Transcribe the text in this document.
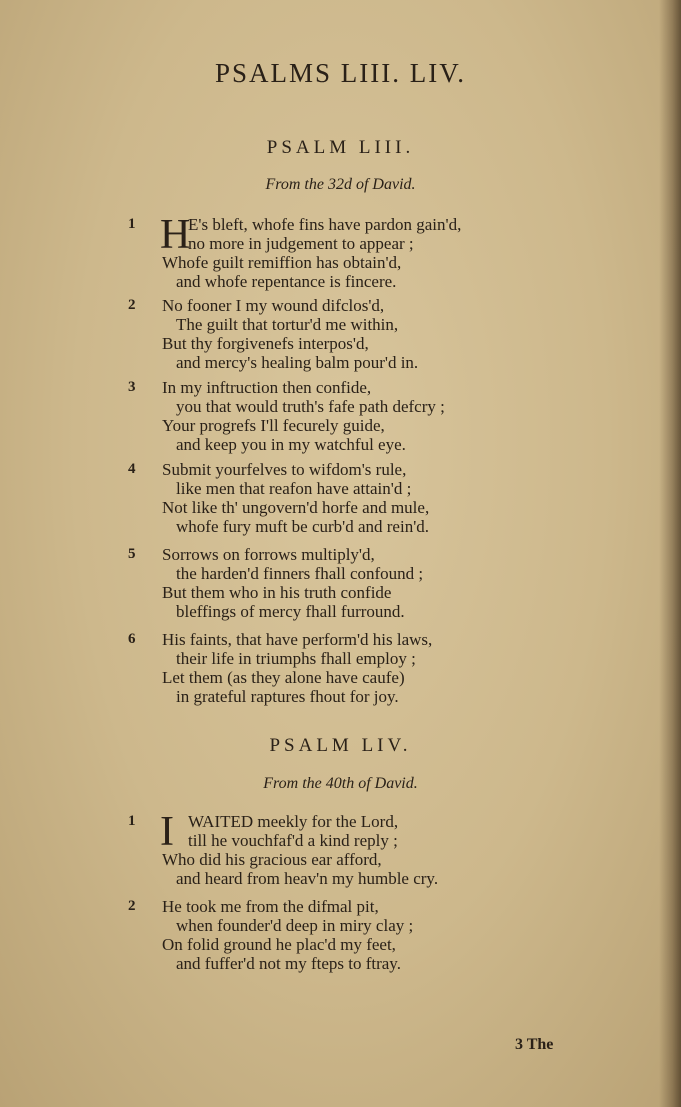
PSALMS LIII. LIV.
PSALM LIII.
From the 32d of David.
1 H
E's bleft, whofe fins have pardon gain'd,
no more in judgement to appear ;
Whofe guilt remiffion has obtain'd,
and whofe repentance is fincere.
2	No fooner I my wound difclos'd,
The guilt that tortur'd me within,
But thy forgivenefs interpos'd,
and mercy's healing balm pour'd in.
3	In my inftruction then confide,
you that would truth's fafe path defcry ;
Your progrefs I'll fecurely guide,
and keep you in my watchful eye.
4	Submit yourfelves to wifdom's rule,
like men that reafon have attain'd ;
Not like th' ungovern'd horfe and mule,
whofe fury muft be curb'd and rein'd.
5	Sorrows on forrows multiply'd,
the harden'd finners fhall confound ;
But them who in his truth confide
bleffings of mercy fhall furround.
6	His faints, that have perform'd his laws,
their life in triumphs fhall employ ;
Let them (as they alone have caufe)
in grateful raptures fhout for joy.
PSALM LIV.
From the 40th of David.
1 I WAITED meekly for the Lord,
till he vouchfaf'd a kind reply ;
Who did his gracious ear afford,
and heard from heav'n my humble cry.
2	He took me from the difmal pit,
when founder'd deep in miry clay ;
On folid ground he plac'd my feet,
and fuffer'd not my fteps to ftray.
3 The
